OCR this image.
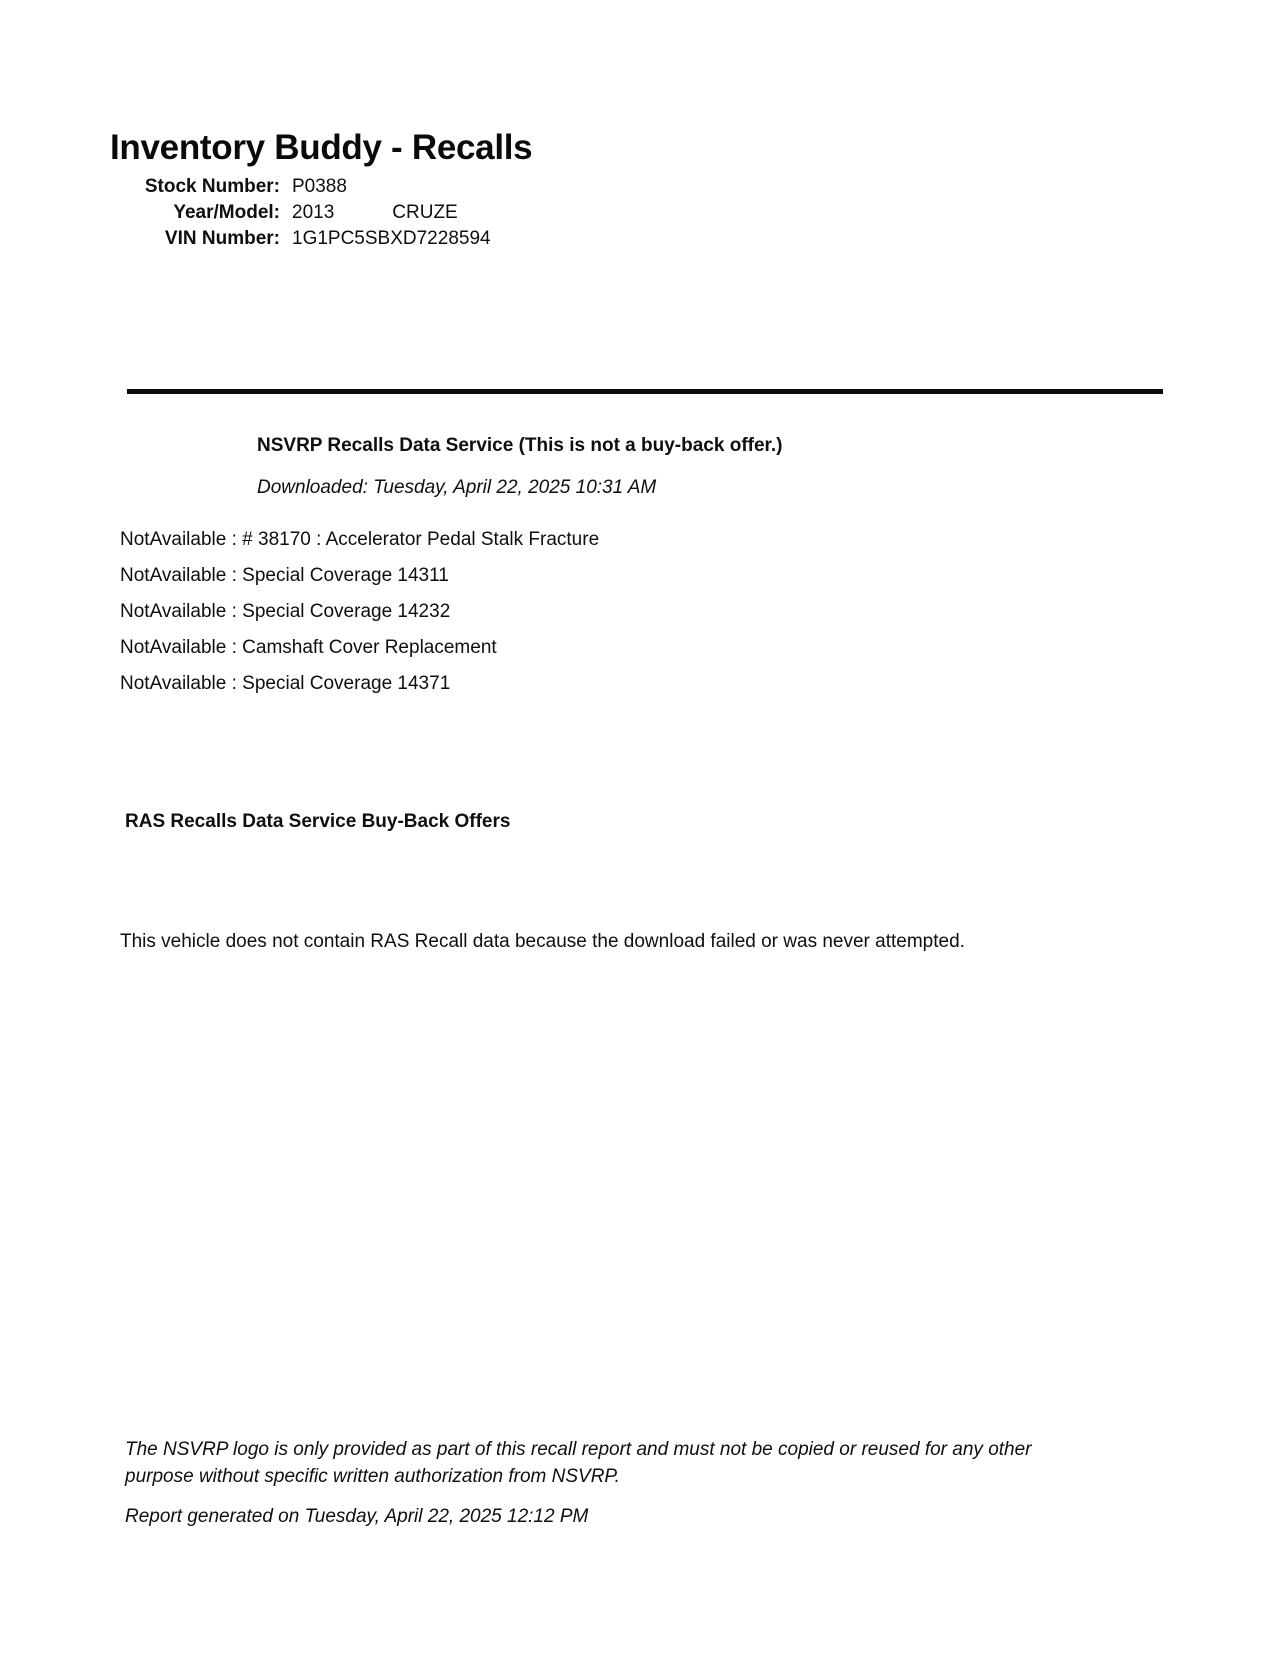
Inventory Buddy - Recalls
Stock Number: P0388
Year/Model: 2013	CRUZE
VIN Number: 1G1PC5SBXD7228594
NSVRP Recalls Data Service (This is not a buy-back offer.)
Downloaded: Tuesday, April 22, 2025 10:31 AM
NotAvailable : # 38170 : Accelerator Pedal Stalk Fracture
NotAvailable : Special Coverage 14311
NotAvailable : Special Coverage 14232
NotAvailable : Camshaft Cover Replacement
NotAvailable : Special Coverage 14371
RAS Recalls Data Service Buy-Back Offers
This vehicle does not contain RAS Recall data because the download failed or was never attempted.
The NSVRP logo is only provided as part of this recall report and must not be copied or reused for any other purpose without specific written authorization from NSVRP.
Report generated on Tuesday, April 22, 2025 12:12 PM
